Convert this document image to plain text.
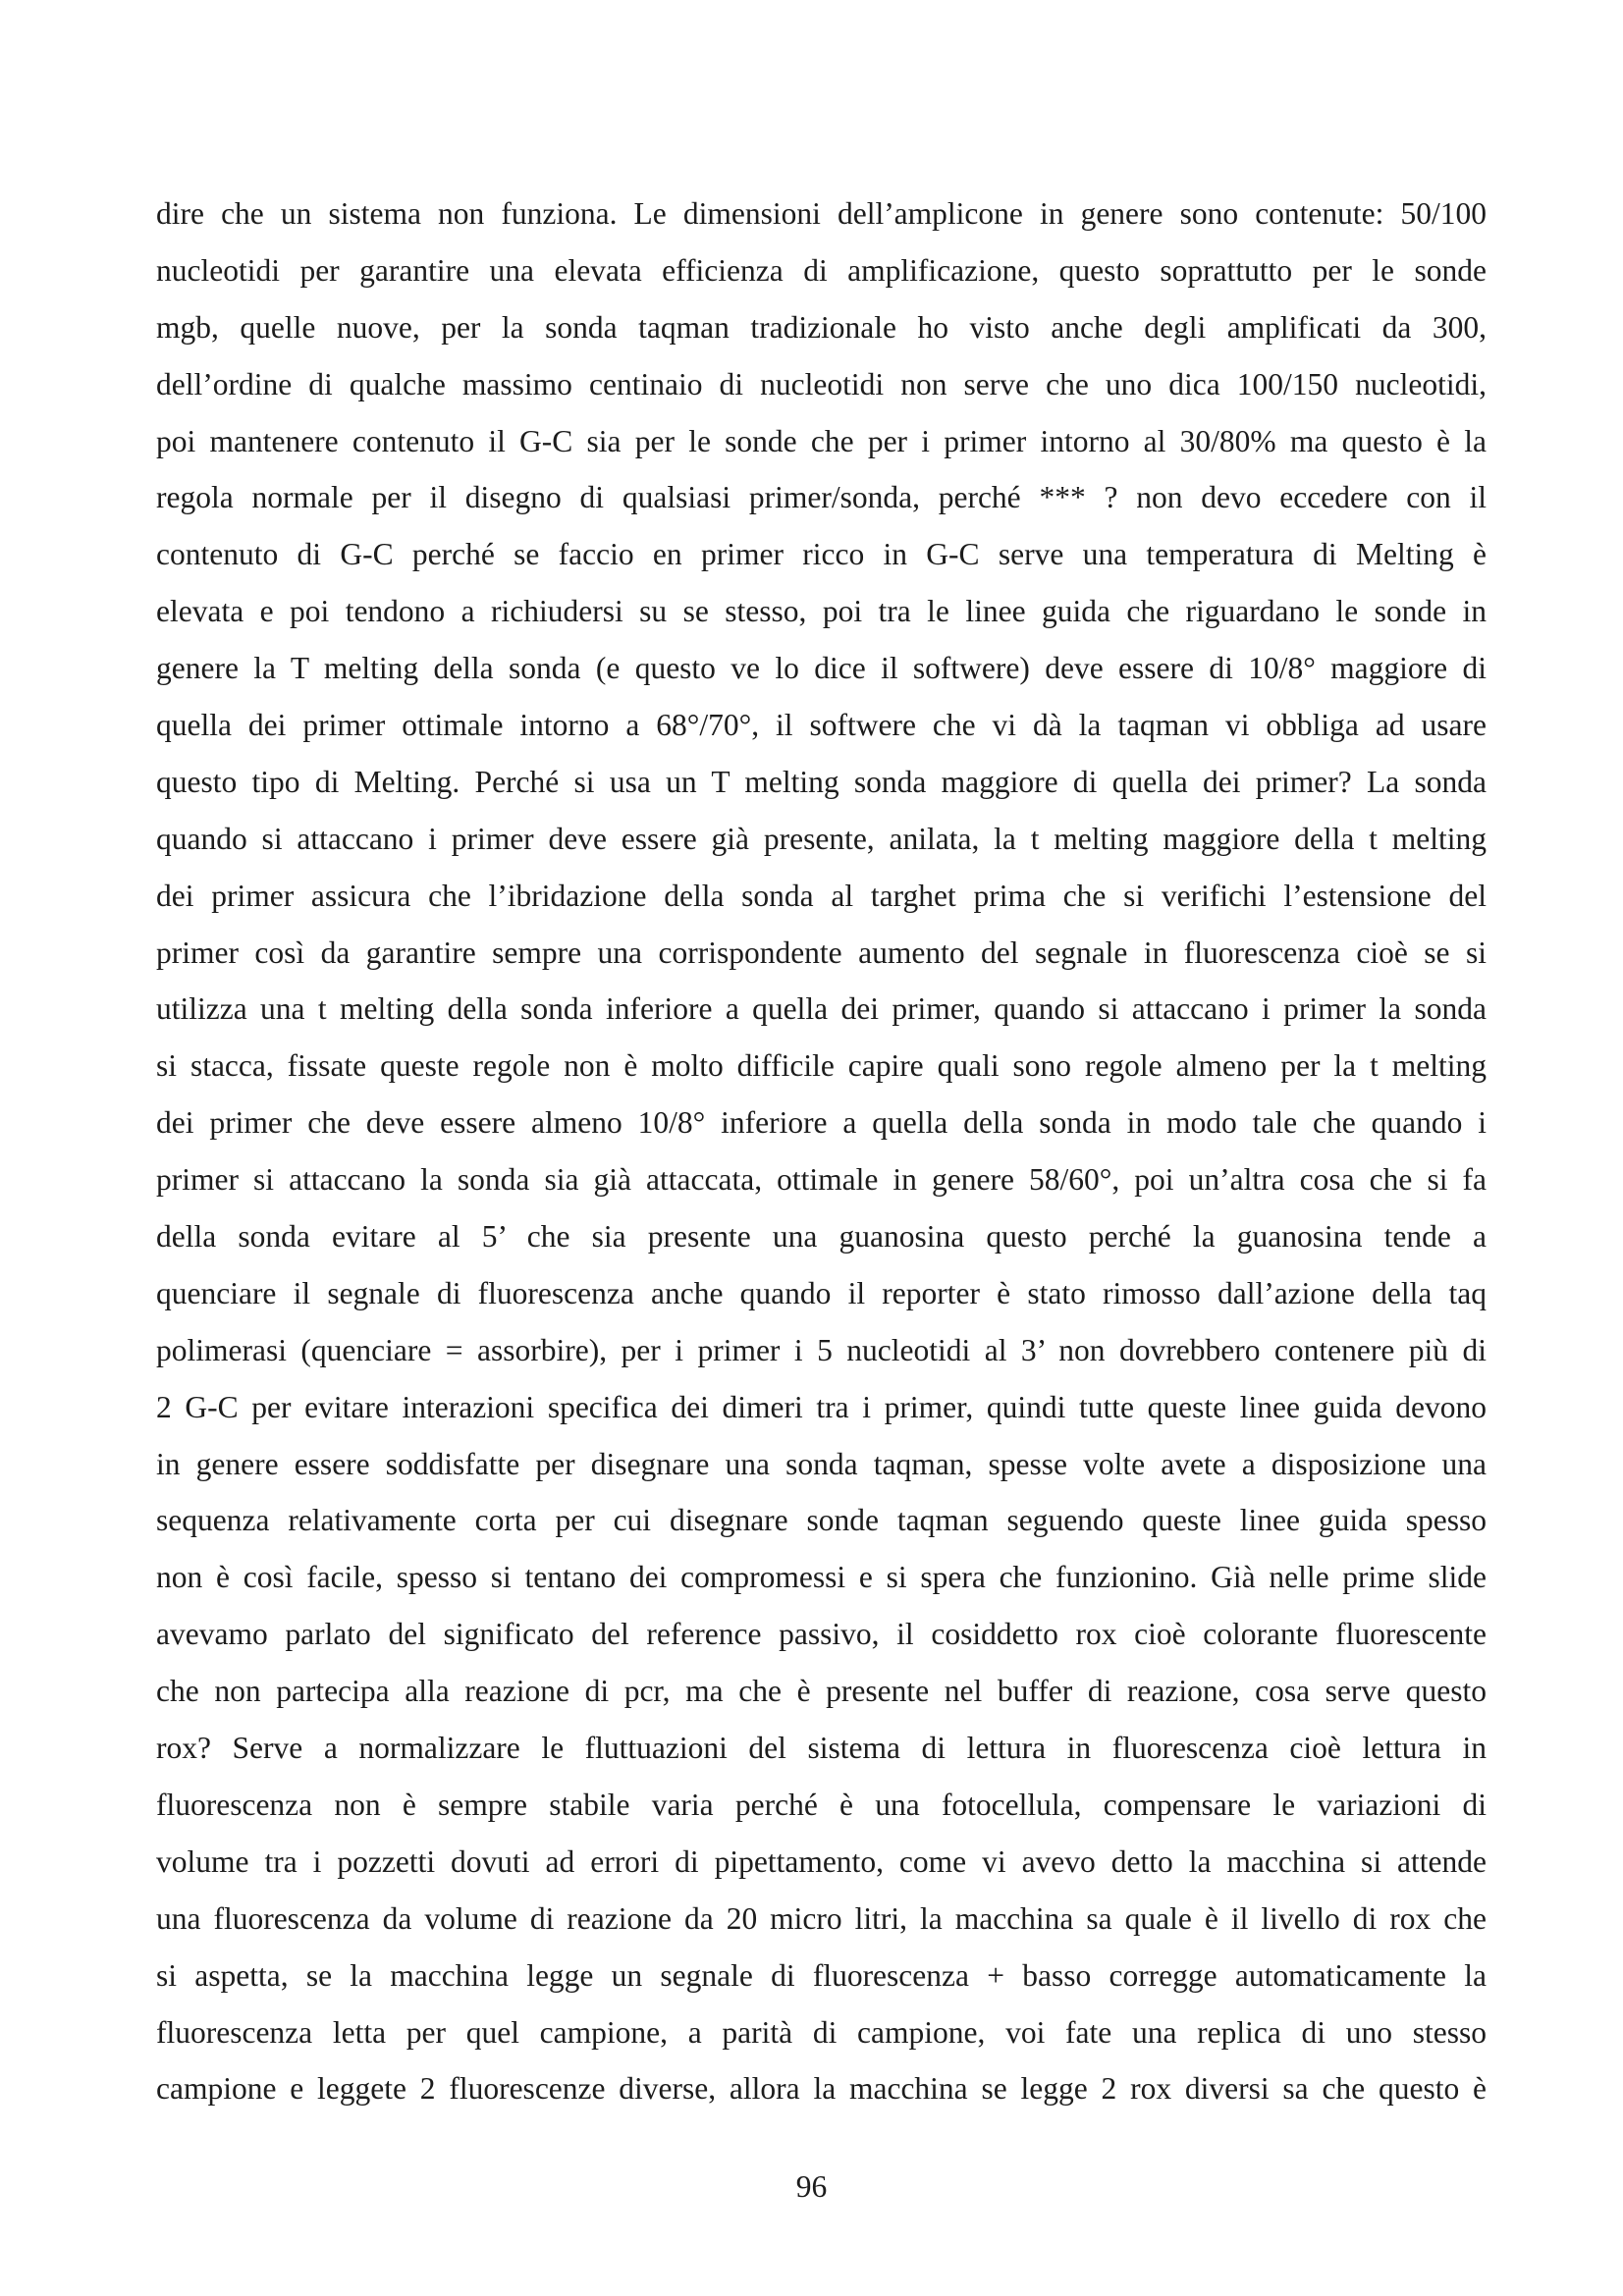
dire che un sistema non funziona. Le dimensioni dell’amplicone in genere sono contenute: 50/100
nucleotidi per garantire una elevata efficienza di amplificazione, questo soprattutto per le sonde
mgb, quelle nuove, per la sonda taqman tradizionale ho visto anche degli amplificati da 300,
dell’ordine di qualche massimo centinaio di nucleotidi non serve che uno dica 100/150 nucleotidi,
poi mantenere contenuto il G-C sia per le sonde che per i primer intorno al 30/80% ma questo è la
regola normale per il disegno di qualsiasi primer/sonda, perché *** ? non devo eccedere con il
contenuto di G-C perché se faccio en primer ricco in G-C serve una temperatura di Melting è
elevata e poi tendono a richiudersi su se stesso, poi tra le linee guida che riguardano le sonde in
genere la T melting della sonda (e questo ve lo dice il softwere) deve essere di 10/8° maggiore di
quella dei primer ottimale intorno a 68°/70°, il softwere che vi dà la taqman vi obbliga ad usare
questo tipo di Melting. Perché si usa un T melting sonda maggiore di quella dei primer? La sonda
quando si attaccano i primer deve essere già presente, anilata, la t melting maggiore della t melting
dei primer assicura che l’ibridazione della sonda al targhet prima che si verifichi l’estensione del
primer così da garantire sempre una corrispondente aumento del segnale in fluorescenza cioè se si
utilizza una t melting della sonda inferiore a quella dei primer, quando si attaccano i primer la sonda
si stacca, fissate queste regole non è molto difficile capire quali sono regole almeno per la t melting
dei primer che deve essere almeno 10/8° inferiore a quella della sonda in modo tale che quando i
primer si attaccano la sonda sia già attaccata, ottimale in genere 58/60°, poi un’altra cosa che si fa
della sonda evitare al 5’ che sia presente una guanosina questo perché la guanosina tende a
quenciare il segnale di fluorescenza anche quando il reporter è stato rimosso dall’azione della taq
polimerasi (quenciare = assorbire), per i primer i 5 nucleotidi al 3’ non dovrebbero contenere più di
2 G-C per evitare interazioni specifica dei dimeri tra i primer, quindi tutte queste linee guida devono
in genere essere soddisfatte per disegnare una sonda taqman, spesse volte avete a disposizione una
sequenza relativamente corta per cui disegnare sonde taqman seguendo queste linee guida spesso
non è così facile, spesso si tentano dei compromessi e si spera che funzionino. Già nelle prime slide
avevamo parlato del significato del reference passivo, il cosiddetto rox cioè colorante fluorescente
che non partecipa alla reazione di pcr, ma che è presente nel buffer di reazione, cosa serve questo
rox? Serve a normalizzare le fluttuazioni del sistema di lettura in fluorescenza cioè lettura in
fluorescenza non è sempre stabile varia perché è una fotocellula, compensare le variazioni di
volume tra i pozzetti dovuti ad errori di pipettamento, come vi avevo detto la macchina si attende
una fluorescenza da volume di reazione da 20 micro litri, la macchina sa quale è il livello di rox che
si aspetta, se la macchina legge un segnale di fluorescenza + basso corregge automaticamente la
fluorescenza letta per quel campione, a parità di campione, voi fate una replica di uno stesso
campione e leggete 2 fluorescenze diverse, allora la macchina se legge 2 rox diversi sa che questo è
96
